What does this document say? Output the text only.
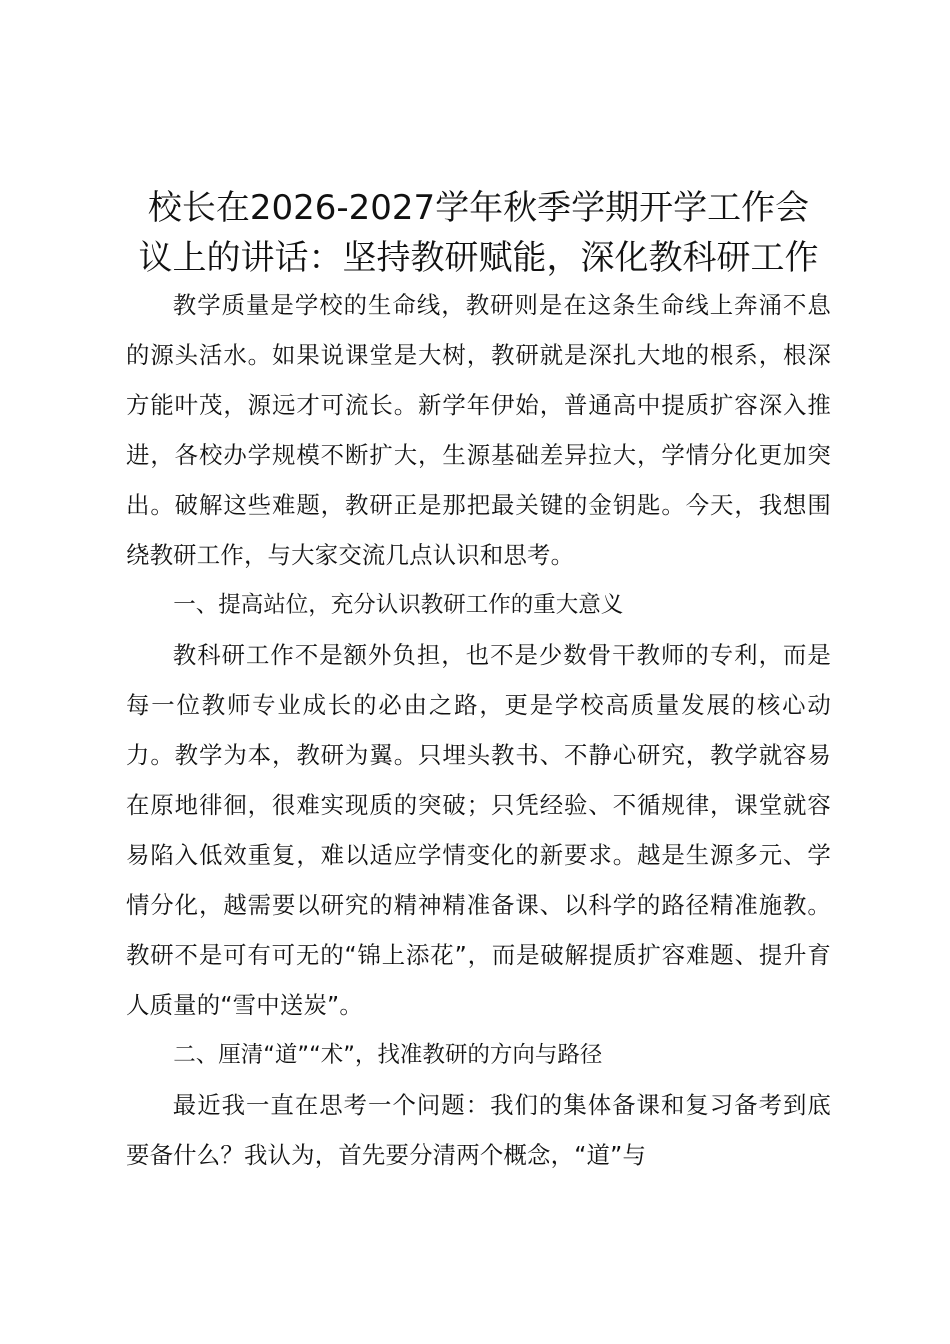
校长在2026-2027学年秋季学期开学工作会
议上的讲话：坚持教研赋能，深化教科研工作

教学质量是学校的生命线，教研则是在这条生命线上奔涌不息的源头活水。如果说课堂是大树，教研就是深扎大地的根系，根深方能叶茂，源远才可流长。新学年伊始，普通高中提质扩容深入推进，各校办学规模不断扩大，生源基础差异拉大，学情分化更加突出。破解这些难题，教研正是那把最关键的金钥匙。今天，我想围绕教研工作，与大家交流几点认识和思考。

一、提高站位，充分认识教研工作的重大意义

教科研工作不是额外负担，也不是少数骨干教师的专利，而是每一位教师专业成长的必由之路，更是学校高质量发展的核心动力。教学为本，教研为翼。只埋头教书、不静心研究，教学就容易在原地徘徊，很难实现质的突破；只凭经验、不循规律，课堂就容易陷入低效重复，难以适应学情变化的新要求。越是生源多元、学情分化，越需要以研究的精神精准备课、以科学的路径精准施教。教研不是可有可无的“锦上添花”，而是破解提质扩容难题、提升育人质量的“雪中送炭”。

二、厘清“道”“术”，找准教研的方向与路径

最近我一直在思考一个问题：我们的集体备课和复习备考到底要备什么？我认为，首先要分清两个概念，“道”与
